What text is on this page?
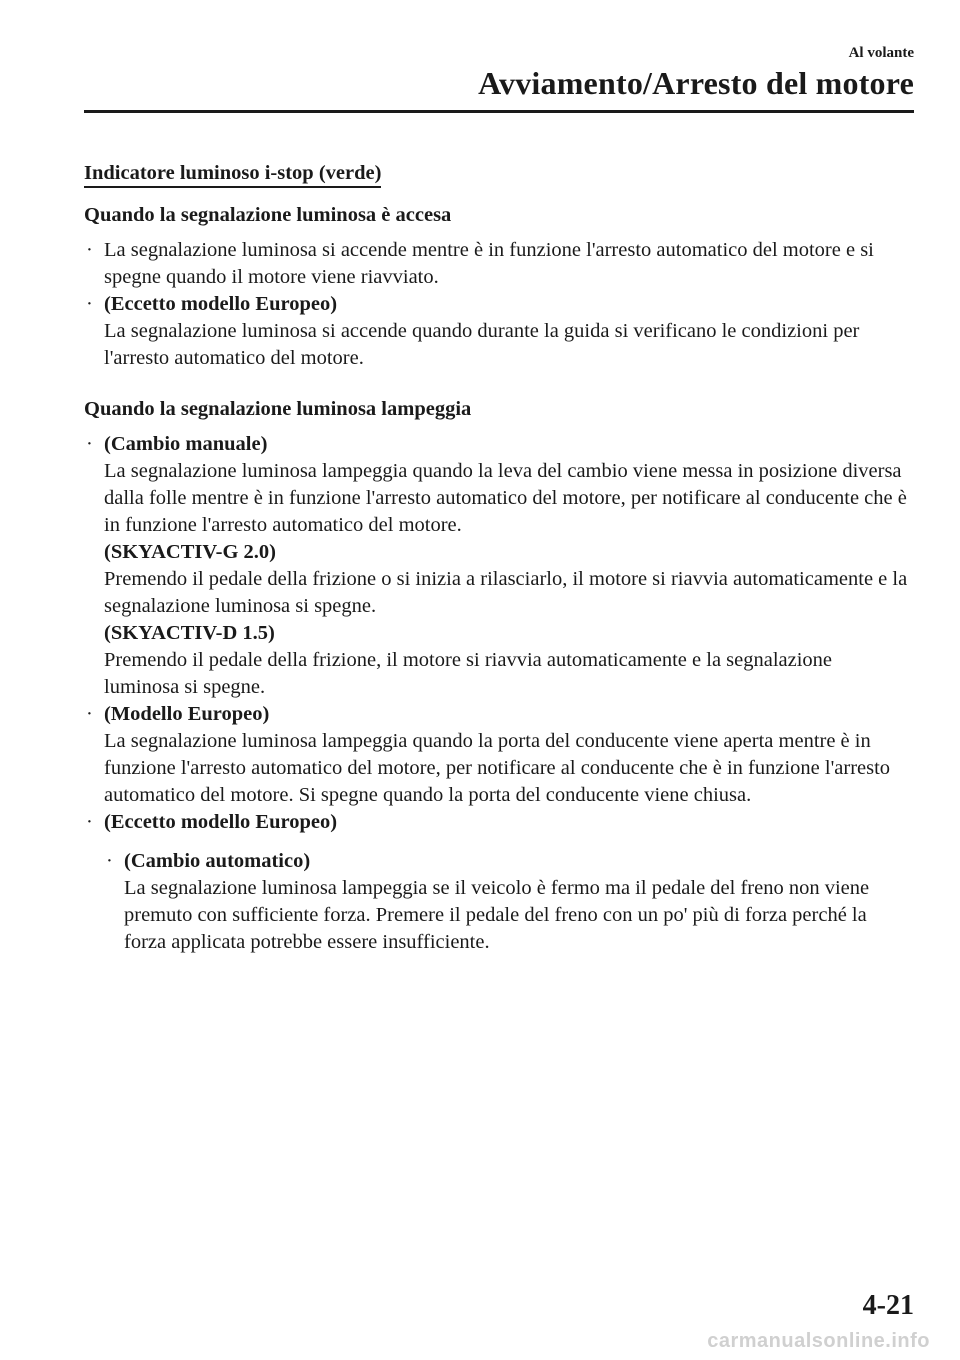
Al volante
Avviamento/Arresto del motore
Indicatore luminoso i-stop (verde)
Quando la segnalazione luminosa è accesa
· La segnalazione luminosa si accende mentre è in funzione l'arresto automatico del motore e si spegne quando il motore viene riavviato.
· (Eccetto modello Europeo)
La segnalazione luminosa si accende quando durante la guida si verificano le condizioni per l'arresto automatico del motore.
Quando la segnalazione luminosa lampeggia
· (Cambio manuale)
La segnalazione luminosa lampeggia quando la leva del cambio viene messa in posizione diversa dalla folle mentre è in funzione l'arresto automatico del motore, per notificare al conducente che è in funzione l'arresto automatico del motore.
(SKYACTIV-G 2.0)
Premendo il pedale della frizione o si inizia a rilasciarlo, il motore si riavvia automaticamente e la segnalazione luminosa si spegne.
(SKYACTIV-D 1.5)
Premendo il pedale della frizione, il motore si riavvia automaticamente e la segnalazione luminosa si spegne.
· (Modello Europeo)
La segnalazione luminosa lampeggia quando la porta del conducente viene aperta mentre è in funzione l'arresto automatico del motore, per notificare al conducente che è in funzione l'arresto automatico del motore. Si spegne quando la porta del conducente viene chiusa.
· (Eccetto modello Europeo)
· (Cambio automatico)
La segnalazione luminosa lampeggia se il veicolo è fermo ma il pedale del freno non viene premuto con sufficiente forza. Premere il pedale del freno con un po' più di forza perché la forza applicata potrebbe essere insufficiente.
4-21
carmanualsonline.info
